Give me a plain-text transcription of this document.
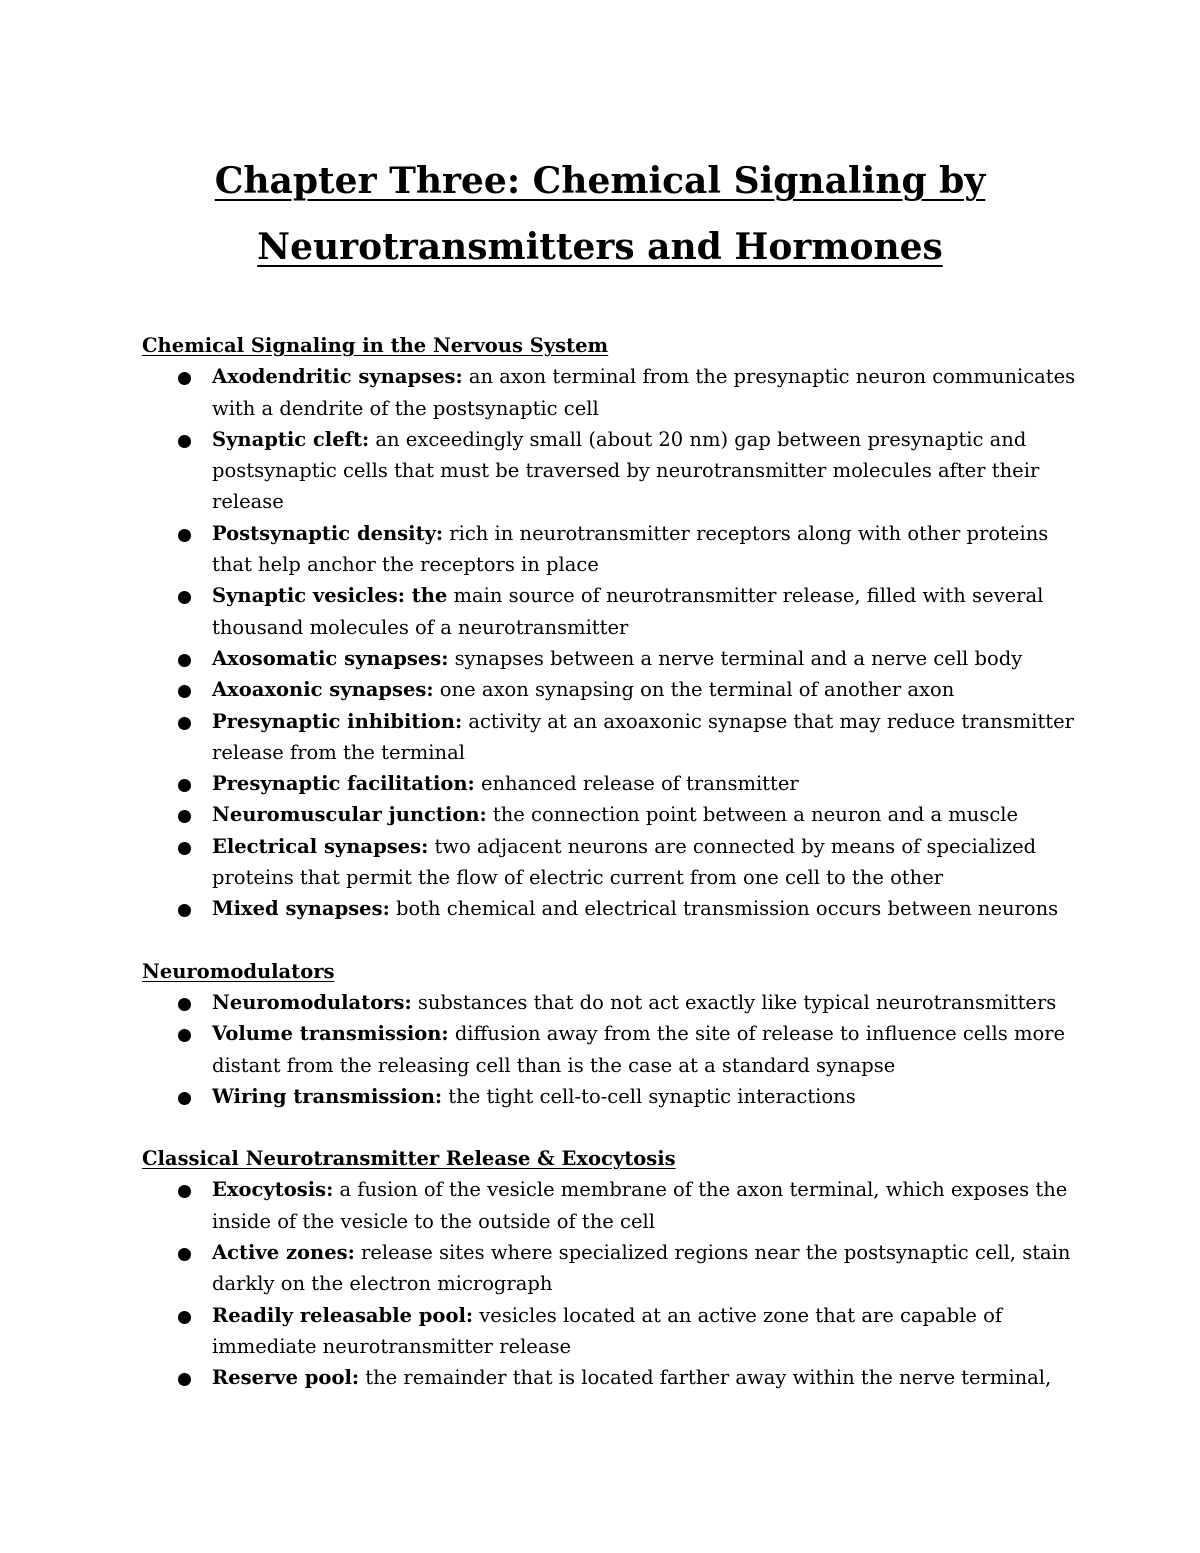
Chapter Three: Chemical Signaling by
Neurotransmitters and Hormones
Chemical Signaling in the Nervous System
Axodendritic synapses: an axon terminal from the presynaptic neuron communicates with a dendrite of the postsynaptic cell
Synaptic cleft: an exceedingly small (about 20 nm) gap between presynaptic and postsynaptic cells that must be traversed by neurotransmitter molecules after their release
Postsynaptic density: rich in neurotransmitter receptors along with other proteins that help anchor the receptors in place
Synaptic vesicles: the main source of neurotransmitter release, filled with several thousand molecules of a neurotransmitter
Axosomatic synapses: synapses between a nerve terminal and a nerve cell body
Axoaxonic synapses: one axon synapsing on the terminal of another axon
Presynaptic inhibition: activity at an axoaxonic synapse that may reduce transmitter release from the terminal
Presynaptic facilitation: enhanced release of transmitter
Neuromuscular junction: the connection point between a neuron and a muscle
Electrical synapses: two adjacent neurons are connected by means of specialized proteins that permit the flow of electric current from one cell to the other
Mixed synapses: both chemical and electrical transmission occurs between neurons
Neuromodulators
Neuromodulators: substances that do not act exactly like typical neurotransmitters
Volume transmission: diffusion away from the site of release to influence cells more distant from the releasing cell than is the case at a standard synapse
Wiring transmission: the tight cell-to-cell synaptic interactions
Classical Neurotransmitter Release & Exocytosis
Exocytosis: a fusion of the vesicle membrane of the axon terminal, which exposes the inside of the vesicle to the outside of the cell
Active zones: release sites where specialized regions near the postsynaptic cell, stain darkly on the electron micrograph
Readily releasable pool: vesicles located at an active zone that are capable of immediate neurotransmitter release
Reserve pool: the remainder that is located farther away within the nerve terminal,
